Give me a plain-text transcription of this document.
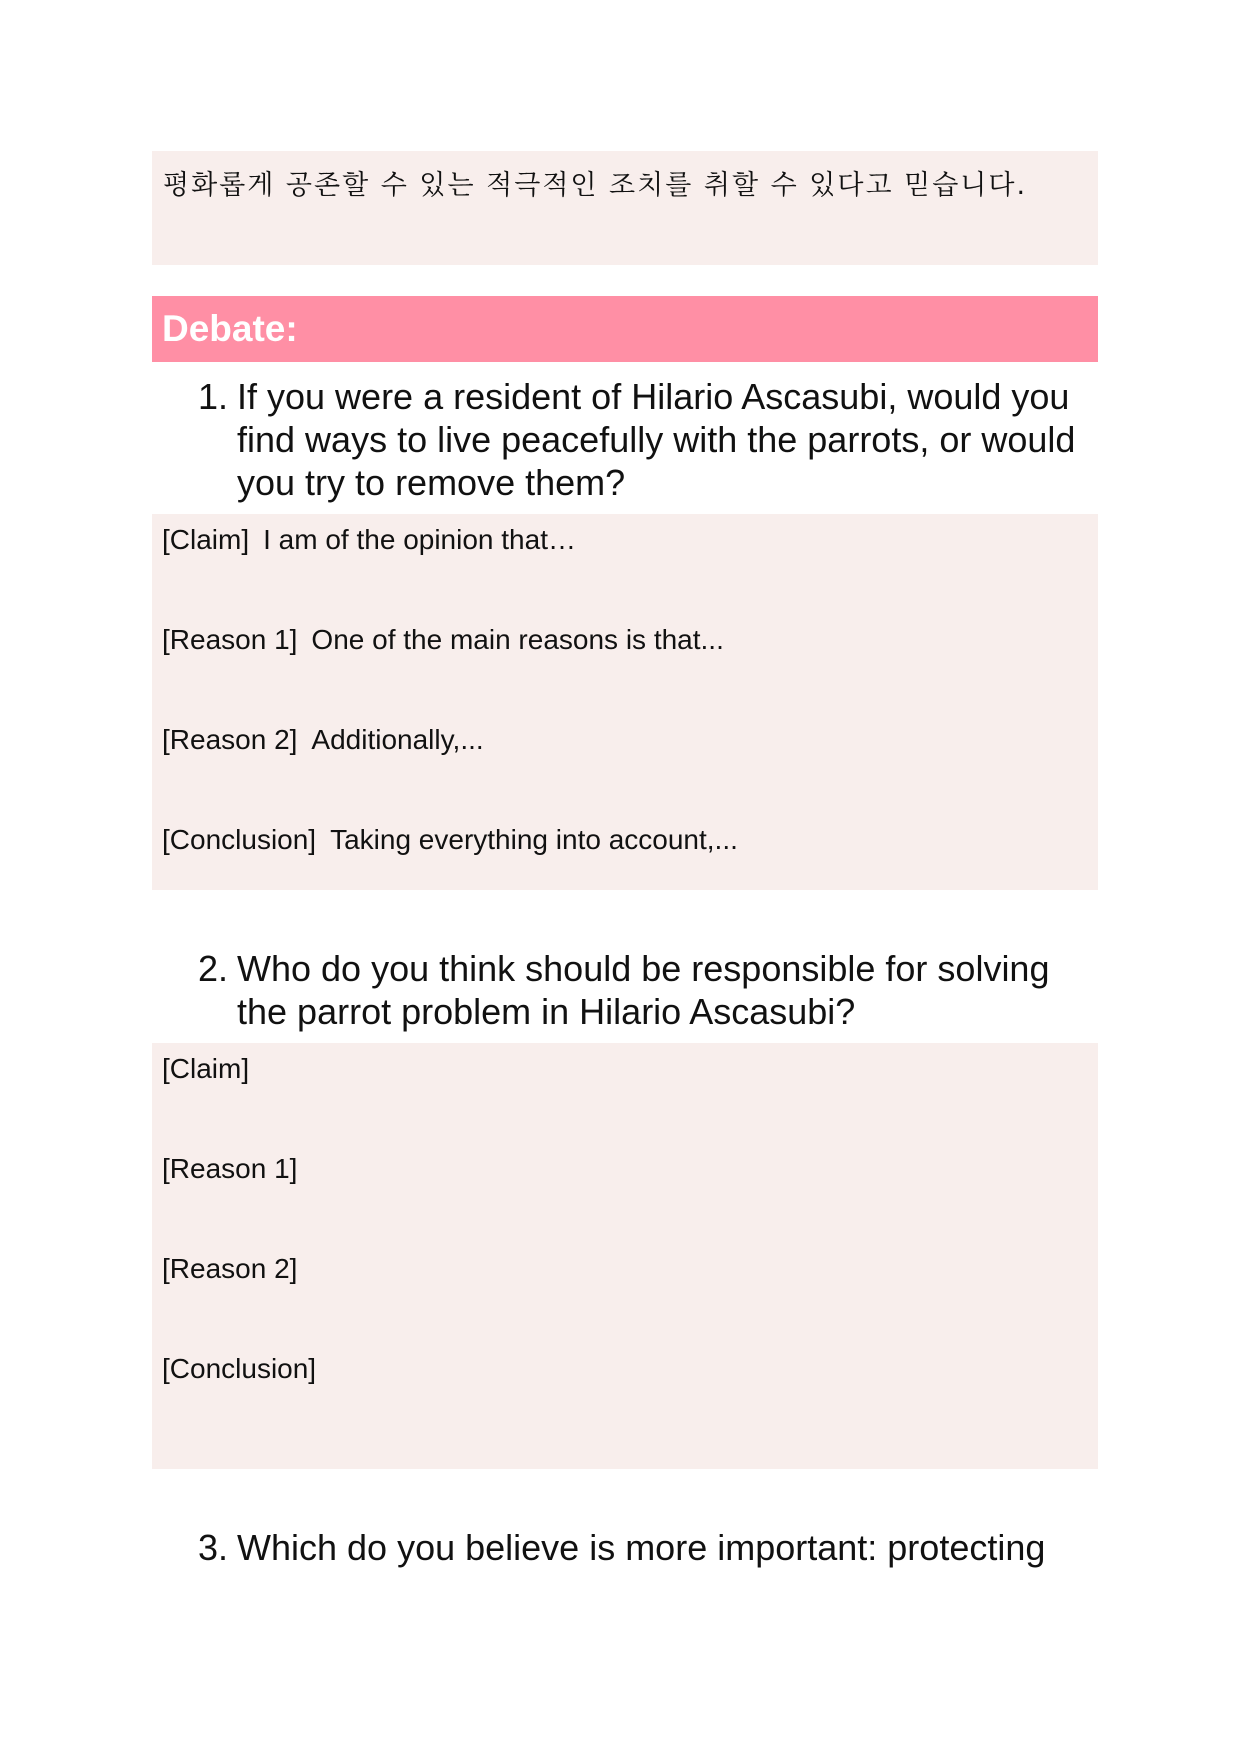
평화롭게 공존할 수 있는 적극적인 조치를 취할 수 있다고 믿습니다.
Debate:
1. If you were a resident of Hilario Ascasubi, would you find ways to live peacefully with the parrots, or would you try to remove them?
[Claim] I am of the opinion that…
[Reason 1] One of the main reasons is that...
[Reason 2] Additionally,...
[Conclusion] Taking everything into account,...
2. Who do you think should be responsible for solving the parrot problem in Hilario Ascasubi?
[Claim]
[Reason 1]
[Reason 2]
[Conclusion]
3. Which do you believe is more important: protecting
